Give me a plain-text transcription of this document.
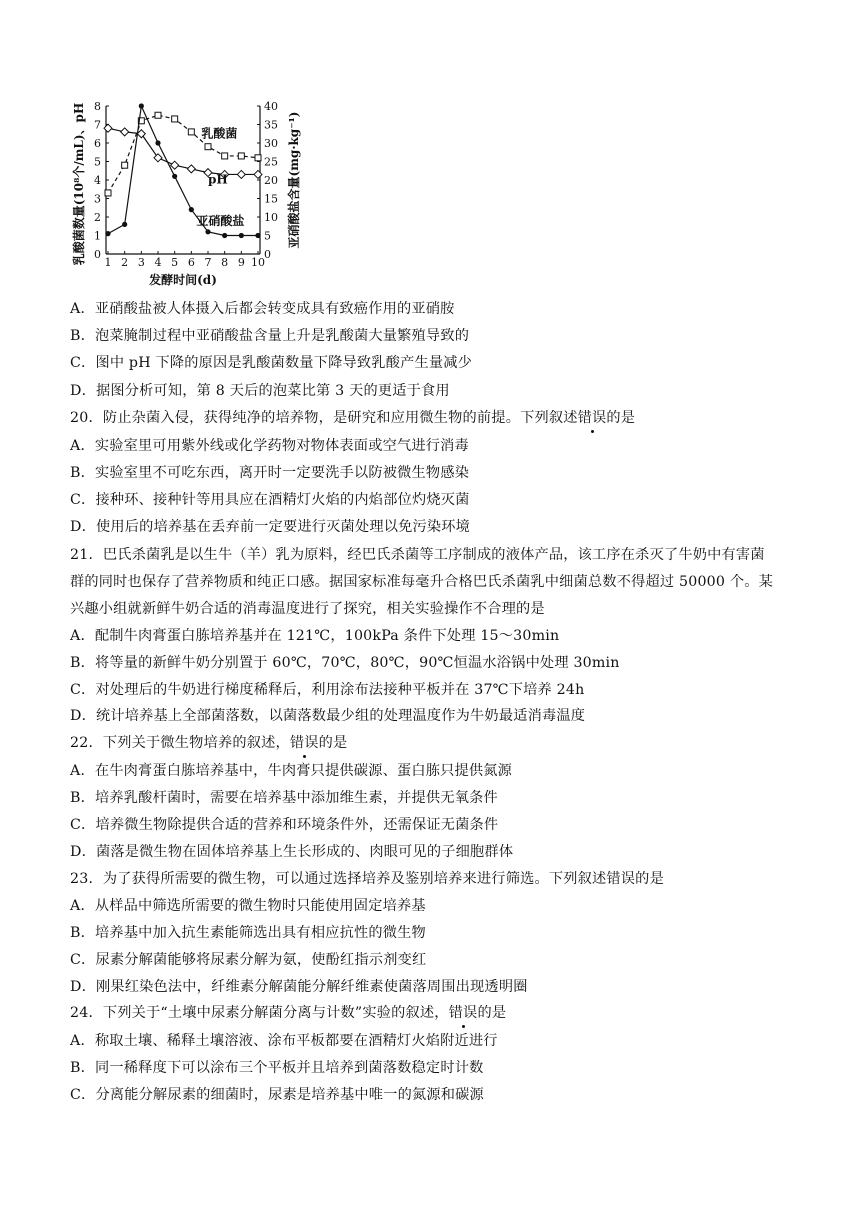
0
1
2
3
4
5
6
7
8
0
5
10
15
20
25
30
35
40
1 2 3 4 5 6 7 8 9 10
发酵时间(d)
乳酸菌数量(10⁸个/mL)、pH	亚硝酸盐含量(mg·kg⁻¹)
乳酸菌
pH
亚硝酸盐
A．亚硝酸盐被人体摄入后都会转变成具有致癌作用的亚硝胺
B．泡菜腌制过程中亚硝酸盐含量上升是乳酸菌大量繁殖导致的
C．图中 pH 下降的原因是乳酸菌数量下降导致乳酸产生量减少
D．据图分析可知，第 8 天后的泡菜比第 3 天的更适于食用
20．防止杂菌入侵，获得纯净的培养物，是研究和应用微生物的前提。下列叙述错误的是
A．实验室里可用紫外线或化学药物对物体表面或空气进行消毒
B．实验室里不可吃东西，离开时一定要洗手以防被微生物感染
C．接种环、接种针等用具应在酒精灯火焰的内焰部位灼烧灭菌
D．使用后的培养基在丢弃前一定要进行灭菌处理以免污染环境
21．巴氏杀菌乳是以生牛（羊）乳为原料，经巴氏杀菌等工序制成的液体产品，该工序在杀灭了牛奶中有害菌
群的同时也保存了营养物质和纯正口感。据国家标准每毫升合格巴氏杀菌乳中细菌总数不得超过 50000 个。某
兴趣小组就新鲜牛奶合适的消毒温度进行了探究，相关实验操作不合理的是
A．配制牛肉膏蛋白胨培养基并在 121℃，100kPa 条件下处理 15～30min
B．将等量的新鲜牛奶分别置于 60℃，70℃，80℃，90℃恒温水浴锅中处理 30min
C．对处理后的牛奶进行梯度稀释后，利用涂布法接种平板并在 37℃下培养 24h
D．统计培养基上全部菌落数，以菌落数最少组的处理温度作为牛奶最适消毒温度
22．下列关于微生物培养的叙述，错误的是
A．在牛肉膏蛋白胨培养基中，牛肉膏只提供碳源、蛋白胨只提供氮源
B．培养乳酸杆菌时，需要在培养基中添加维生素，并提供无氧条件
C．培养微生物除提供合适的营养和环境条件外，还需保证无菌条件
D．菌落是微生物在固体培养基上生长形成的、肉眼可见的子细胞群体
23．为了获得所需要的微生物，可以通过选择培养及鉴别培养来进行筛选。下列叙述错误的是
A．从样品中筛选所需要的微生物时只能使用固定培养基
B．培养基中加入抗生素能筛选出具有相应抗性的微生物
C．尿素分解菌能够将尿素分解为氨，使酚红指示剂变红
D．刚果红染色法中，纤维素分解菌能分解纤维素使菌落周围出现透明圈
24．下列关于“土壤中尿素分解菌分离与计数”实验的叙述，错误的是
A．称取土壤、稀释土壤溶液、涂布平板都要在酒精灯火焰附近进行
B．同一稀释度下可以涂布三个平板并且培养到菌落数稳定时计数
C．分离能分解尿素的细菌时，尿素是培养基中唯一的氮源和碳源
